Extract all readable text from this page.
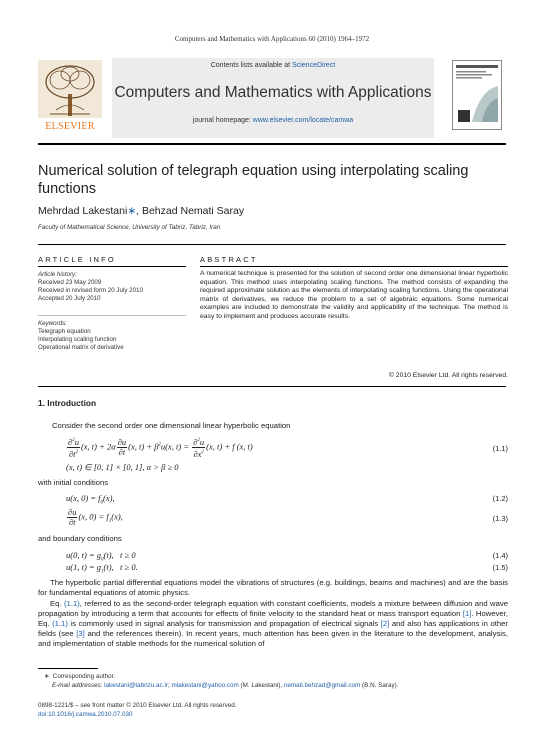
Computers and Mathematics with Applications 60 (2010) 1964–1972
ELSEVIER
Contents lists available at ScienceDirect
Computers and Mathematics with Applications
journal homepage: www.elsevier.com/locate/camwa
Numerical solution of telegraph equation using interpolating scaling functions
Mehrdad Lakestani∗, Behzad Nemati Saray
Faculty of Mathematical Science, University of Tabriz, Tabriz, Iran
ARTICLE INFO
Article history:
Received 23 May 2009
Received in revised form 20 July 2010
Accepted 20 July 2010
Keywords:
Telegraph equation
Interpolating scaling function
Operational matrix of derivative
ABSTRACT
A numerical technique is presented for the solution of second order one dimensional linear hyperbolic equation. This method uses interpolating scaling functions. The method consists of expanding the required approximate solution as the elements of interpolating scaling functions. Using the operational matrix of derivatives, we reduce the problem to a set of algebraic equations. Some numerical examples are included to demonstrate the validity and applicability of the technique. The method is easy to implement and produces accurate results.
© 2010 Elsevier Ltd. All rights reserved.
1. Introduction
Consider the second order one dimensional linear hyperbolic equation
$\frac{\partial^2u}{\partial t^2} (x$, $t) + 2\alpha \frac{\partial u}{\partial t} (x$, $t) + \beta^2u(x$, $t) = \frac{\partial^2u}{\partial x^2} (x$, t) + f (x, t)	(1.1)
(x, t) ∈ [0, 1] × [0, 1], α > β ≥ 0
with initial conditions
u(x, $0) = f_0(x)$,	(1.2)
$\frac{\partial u}{\partial t} (x$, $0) = f_1(x)$,	(1.3)
and boundary conditions
u(0, $t) = g_0(t)$,   t ≥ 0	(1.4)
u(1, $t) = g_1(t)$,   t ≥ 0.	(1.5)
The hyperbolic partial differential equations model the vibrations of structures (e.g. buildings, beams and machines) and are the basis for fundamental equations of atomic physics.
Eq. (1.1), referred to as the second-order telegraph equation with constant coefficients, models a mixture between diffusion and wave propagation by introducing a term that accounts for effects of finite velocity to the standard heat or mass transport equation [1]. However, Eq. (1.1) is commonly used in signal analysis for transmission and propagation of electrical signals [2] and also has applications in other fields (see [3] and the references therein). In recent years, much attention has been given in the literature to the development, analysis, and implementation of stable methods for the numerical solution of
∗ Corresponding author.
E-mail addresses: lakestani@tabrizu.ac.ir; mlakestani@yahoo.com (M. Lakestani), nemati.behzad@gmail.com (B.N. Saray).
0898-1221/$ – see front matter © 2010 Elsevier Ltd. All rights reserved.
doi:10.1016/j.camwa.2010.07.030
